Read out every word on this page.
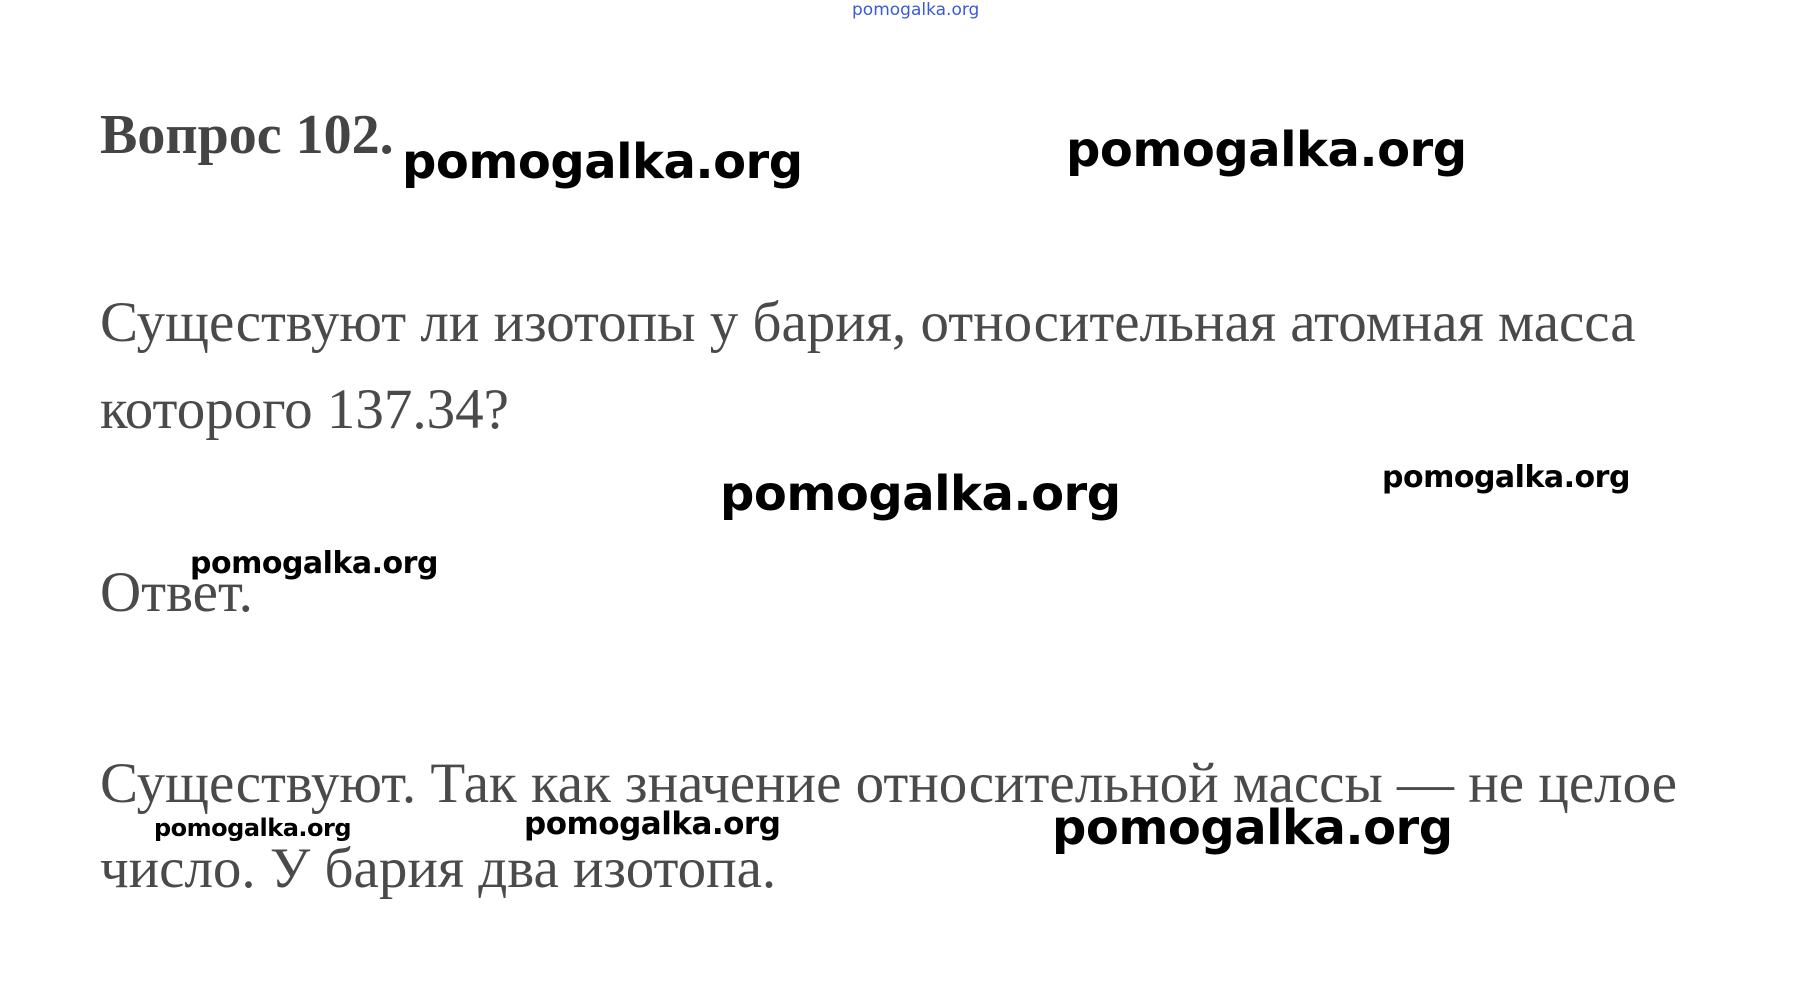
pomogalka.org
Вопрос 102.
Существуют ли изотопы у бария, относительная атомная масса
которого 137.34?
Ответ.
Существуют. Так как значение относительной массы — не целое
число. У бария два изотопа.
pomogalka.org	pomogalka.org
pomogalka.org	pomogalka.org
pomogalka.org
pomogalka.org	pomogalka.org	pomogalka.org
